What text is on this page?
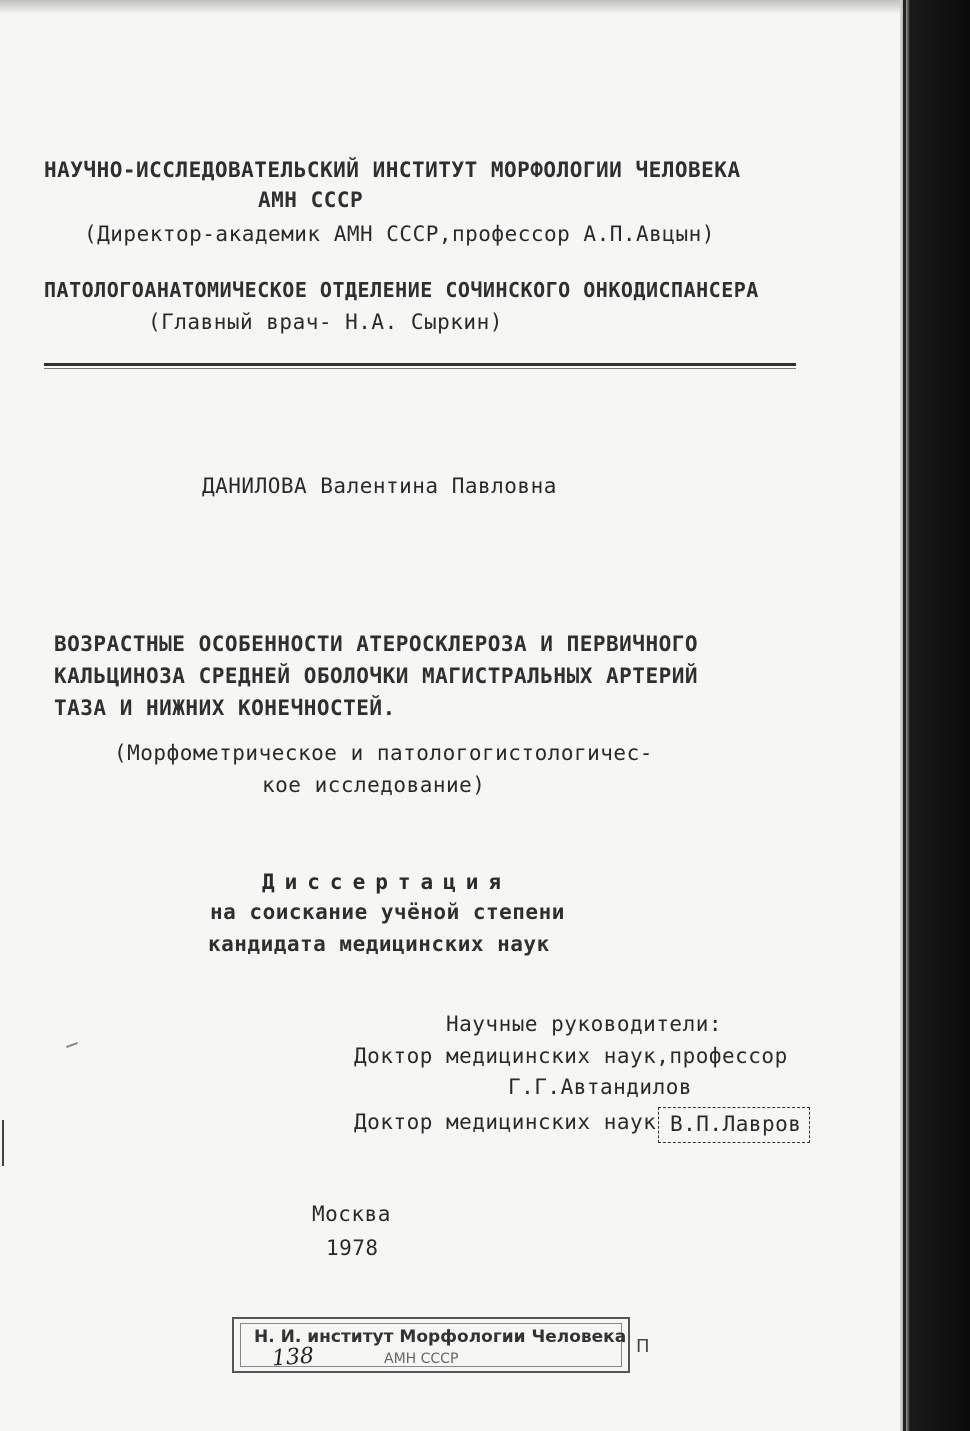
НАУЧНО-ИССЛЕДОВАТЕЛЬСКИЙ ИНСТИТУТ МОРФОЛОГИИ ЧЕЛОВЕКА
АМН СССР
(Директор-академик АМН СССР,профессор А.П.Авцын)
ПАТОЛОГОАНАТОМИЧЕСКОЕ ОТДЕЛЕНИЕ СОЧИНСКОГО ОНКОДИСПАНСЕРА
(Главный врач- Н.А. Сыркин)
ДАНИЛОВА Валентина Павловна
ВОЗРАСТНЫЕ ОСОБЕННОСТИ АТЕРОСКЛЕРОЗА И ПЕРВИЧНОГО
КАЛЬЦИНОЗА СРЕДНЕЙ ОБОЛОЧКИ МАГИСТРАЛЬНЫХ АРТЕРИЙ
ТАЗА И НИЖНИХ КОНЕЧНОСТЕЙ.
(Морфометрическое и патологогистологичес-
кое исследование)
Диссертация
на соискание учёной степени
кандидата медицинских наук
Научные руководители:
Доктор медицинских наук,профессор
Г.Г.Автандилов
Доктор медицинских наук В.П.Лавров
Москва
1978
Н. И. институт Морфологии Человека
138	АМН СССР
П
